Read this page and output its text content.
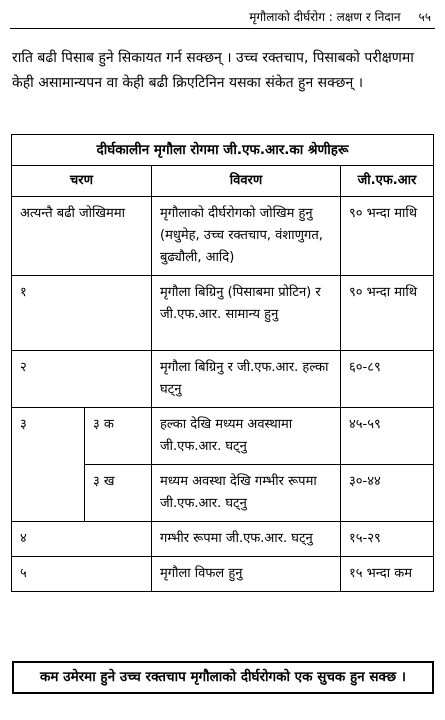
मृगौलाको दीर्घरोग : लक्षण र निदान ५५
राति बढी पिसाब हुने सिकायत गर्न सक्छन् । उच्च रक्तचाप, पिसाबको परीक्षणमा केही असामान्यपन वा केही बढी क्रिएटिनिन यसका संकेत हुन सक्छन् ।
दीर्घकालीन मृगौला रोगमा जी.एफ.आर.का श्रेणीहरू			
चरण		विवरण	जी.एफ.आर
अत्यन्तै बढी जोखिममा		मृगौलाको दीर्घरोगको जोखिम हुनु (मधुमेह, उच्च रक्तचाप, वंशाणुगत, बुढ्यौली, आदि)	९० भन्दा माथि
१		मृगौला बिग्रिनु (पिसाबमा प्रोटिन) र जी.एफ.आर. सामान्य हुनु	९० भन्दा माथि
२		मृगौला बिग्रिनु र जी.एफ.आर. हल्का घट्नु	६०-८९
३	३ क	हल्का देखि मध्यम अवस्थामा जी.एफ.आर. घट्नु	४५-५९
	३ ख	मध्यम अवस्था देखि गम्भीर रूपमा जी.एफ.आर. घट्नु	३०-४४
४		गम्भीर रूपमा जी.एफ.आर. घट्नु	१५-२९
५		मृगौला विफल हुनु	१५ भन्दा कम
कम उमेरमा हुने उच्च रक्तचाप मृगौलाको दीर्घरोगको एक सुचक हुन सक्छ ।
